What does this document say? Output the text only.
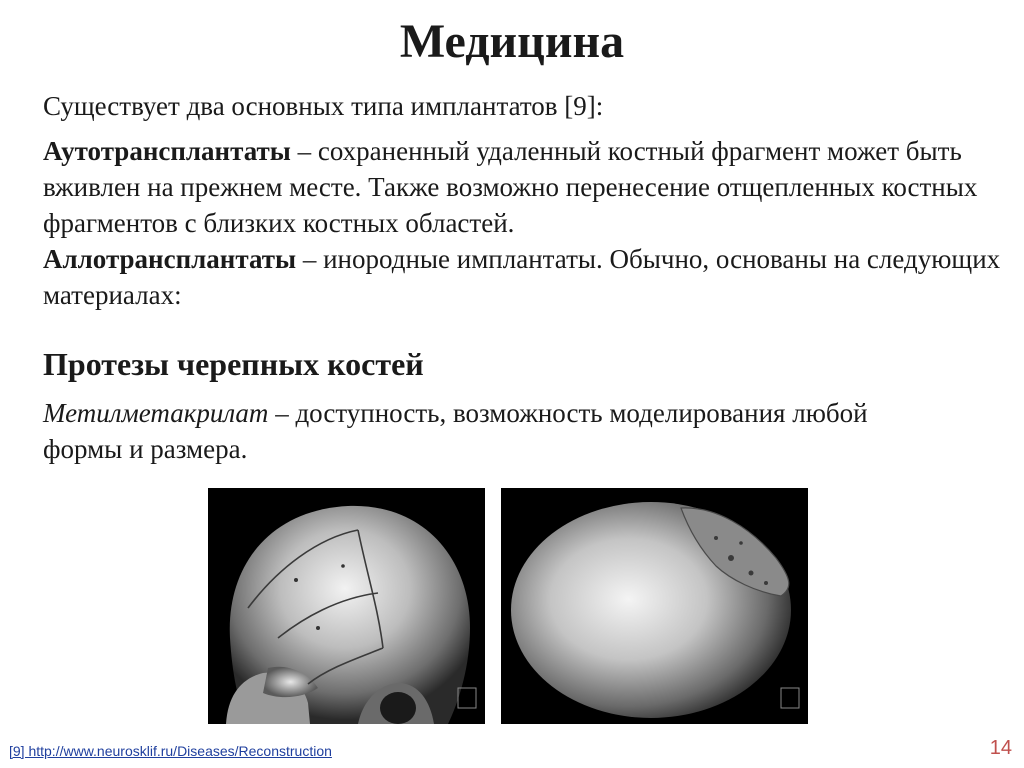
Медицина

Существует два основных типа имплантатов [9]:

Аутотрансплантаты – сохраненный удаленный костный фрагмент может быть вживлен на прежнем месте. Также возможно перенесение отщепленных костных фрагментов с близких костных областей.
Аллотрансплантаты – инородные имплантаты. Обычно, основаны на следующих материалах:

Протезы черепных костей

Метилметакрилат – доступность, возможность моделирования любой формы и размера.

[9] http://www.neurosklif.ru/Diseases/Reconstruction	14
